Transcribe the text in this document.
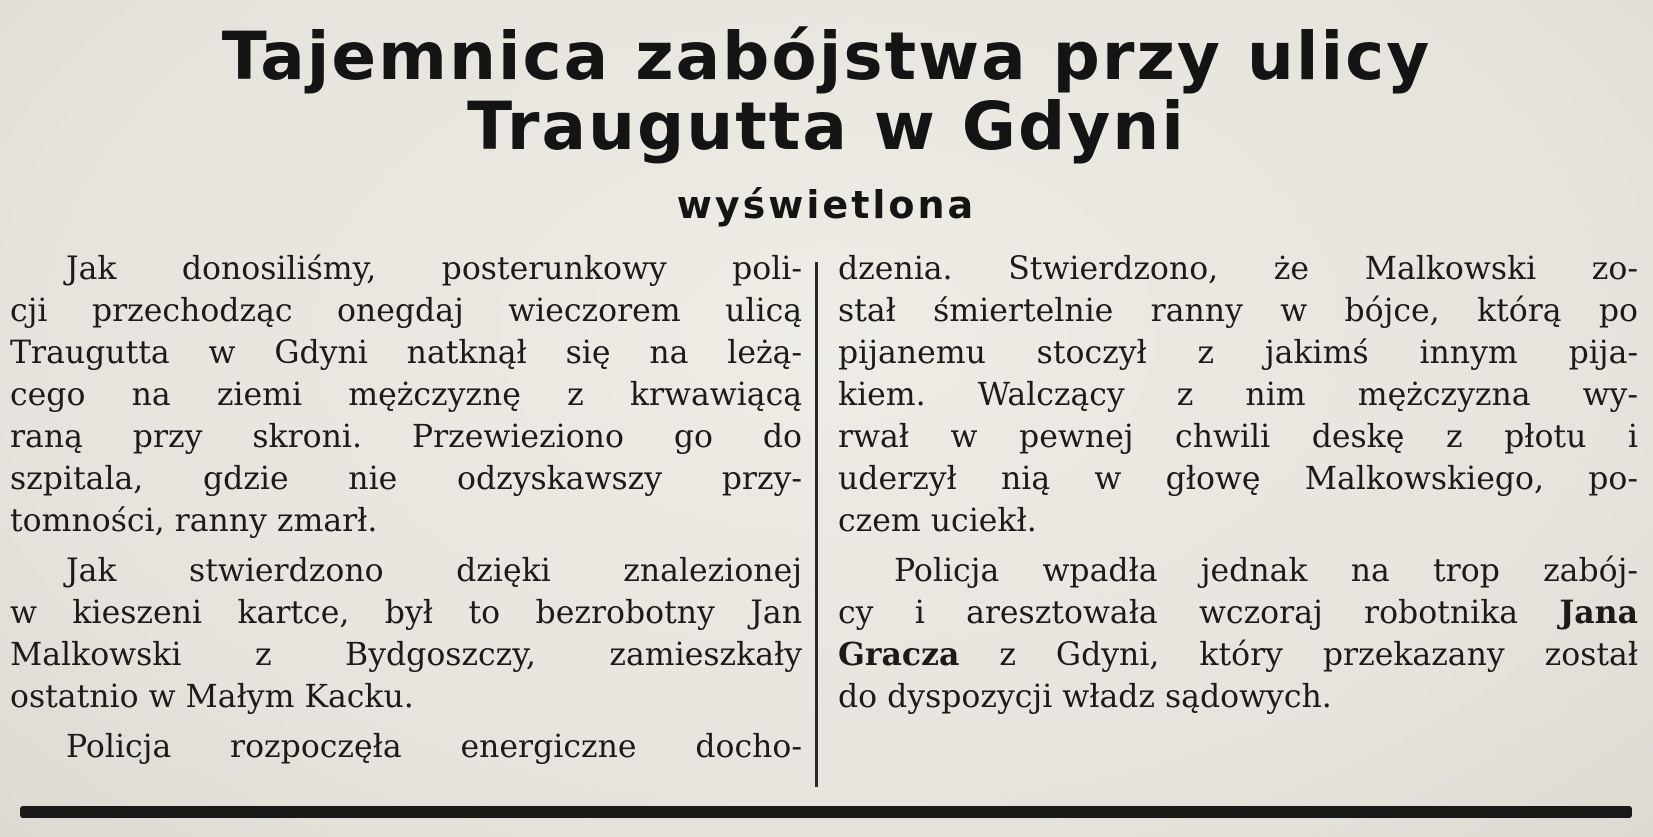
Tajemnica zabójstwa przy ulicy
Traugutta w Gdyni
wyświetlona
Jak donosiliśmy, posterunkowy poli-
cji przechodząc onegdaj wieczorem ulicą
Traugutta w Gdyni natknął się na leżą-
cego na ziemi mężczyznę z krwawiącą
raną przy skroni. Przewieziono go do
szpitala, gdzie nie odzyskawszy przy-
tomności, ranny zmarł.
Jak stwierdzono dzięki znalezionej
w kieszeni kartce, był to bezrobotny Jan
Malkowski z Bydgoszczy, zamieszkały
ostatnio w Małym Kacku.
Policja rozpoczęła energiczne docho-
dzenia. Stwierdzono, że Malkowski zo-
stał śmiertelnie ranny w bójce, którą po
pijanemu stoczył z jakimś innym pija-
kiem. Walczący z nim mężczyzna wy-
rwał w pewnej chwili deskę z płotu i
uderzył nią w głowę Malkowskiego, po-
czem uciekł.
Policja wpadła jednak na trop zabój-
cy i aresztowała wczoraj robotnika Jana
Gracza z Gdyni, który przekazany został
do dyspozycji władz sądowych.
